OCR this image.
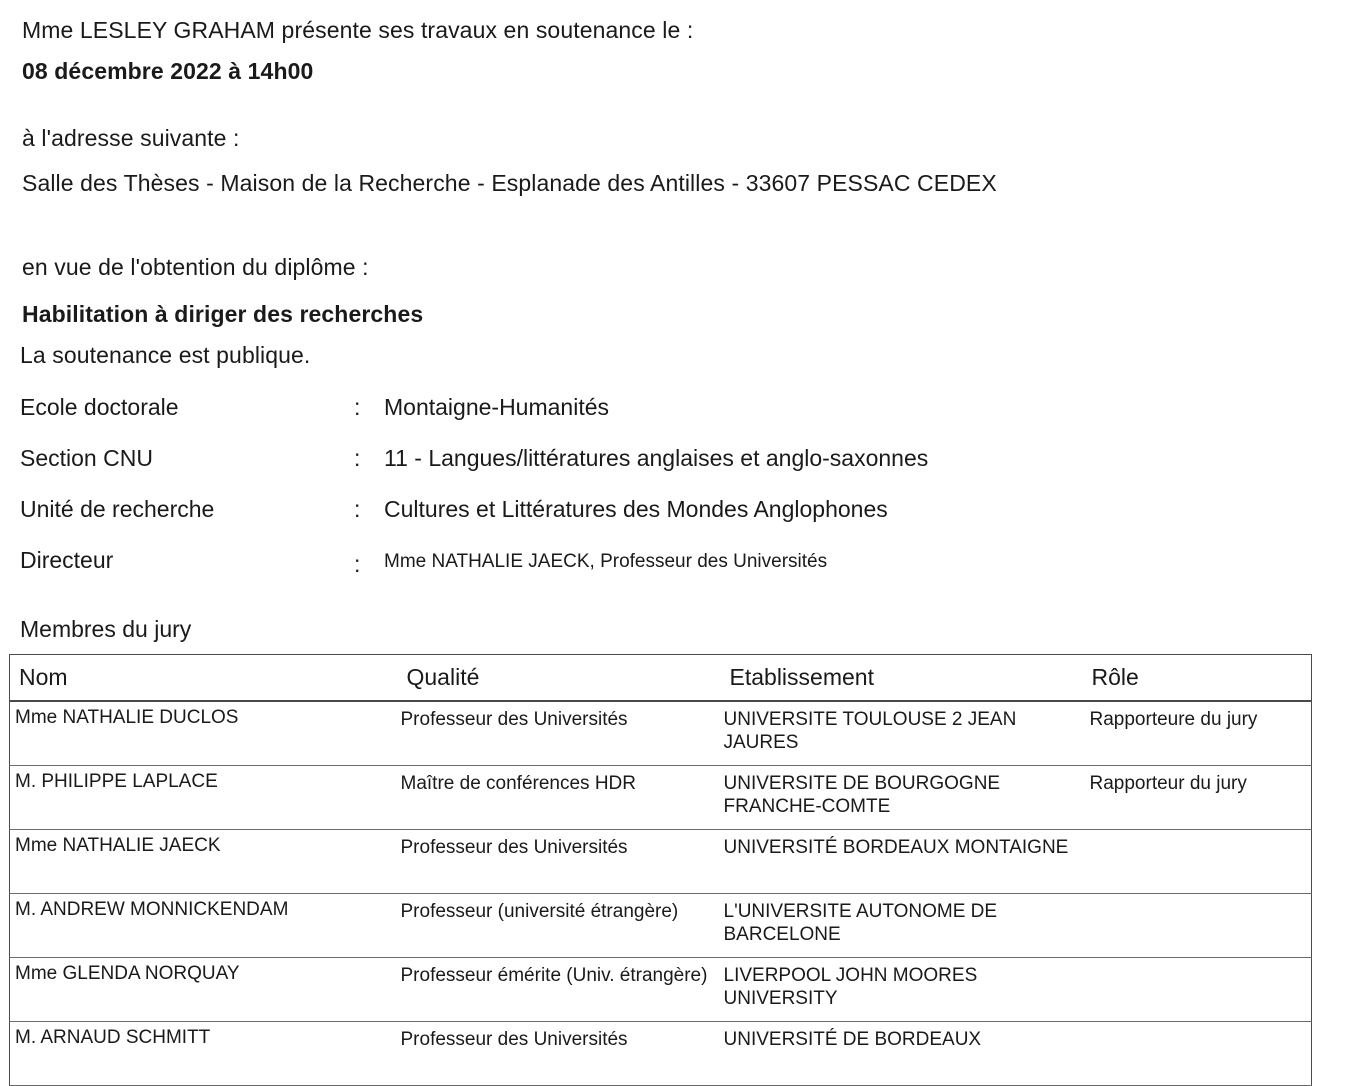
Mme LESLEY GRAHAM présente ses travaux en soutenance le :
08 décembre 2022 à 14h00
à l'adresse suivante :
Salle des Thèses - Maison de la Recherche - Esplanade des Antilles - 33607 PESSAC CEDEX
en vue de l'obtention du diplôme :
Habilitation à diriger des recherches
La soutenance est publique.
Ecole doctorale	: Montaigne-Humanités
Section CNU	: 11 - Langues/littératures anglaises et anglo-saxonnes
Unité de recherche	: Cultures et Littératures des Mondes Anglophones
Directeur	: Mme NATHALIE JAECK, Professeur des Universités
Membres du jury
Nom	Qualité	Etablissement	Rôle
Mme NATHALIE DUCLOS	Professeur des Universités	UNIVERSITE TOULOUSE 2 JEAN JAURES	Rapporteure du jury
M. PHILIPPE LAPLACE	Maître de conférences HDR	UNIVERSITE DE BOURGOGNE FRANCHE-COMTE	Rapporteur du jury
Mme NATHALIE JAECK	Professeur des Universités	UNIVERSITÉ BORDEAUX MONTAIGNE	
M. ANDREW MONNICKENDAM	Professeur (université étrangère)	L'UNIVERSITE AUTONOME DE BARCELONE	
Mme GLENDA NORQUAY	Professeur émérite (Univ. étrangère)	LIVERPOOL JOHN MOORES UNIVERSITY	
M. ARNAUD SCHMITT	Professeur des Universités	UNIVERSITÉ DE BORDEAUX	
